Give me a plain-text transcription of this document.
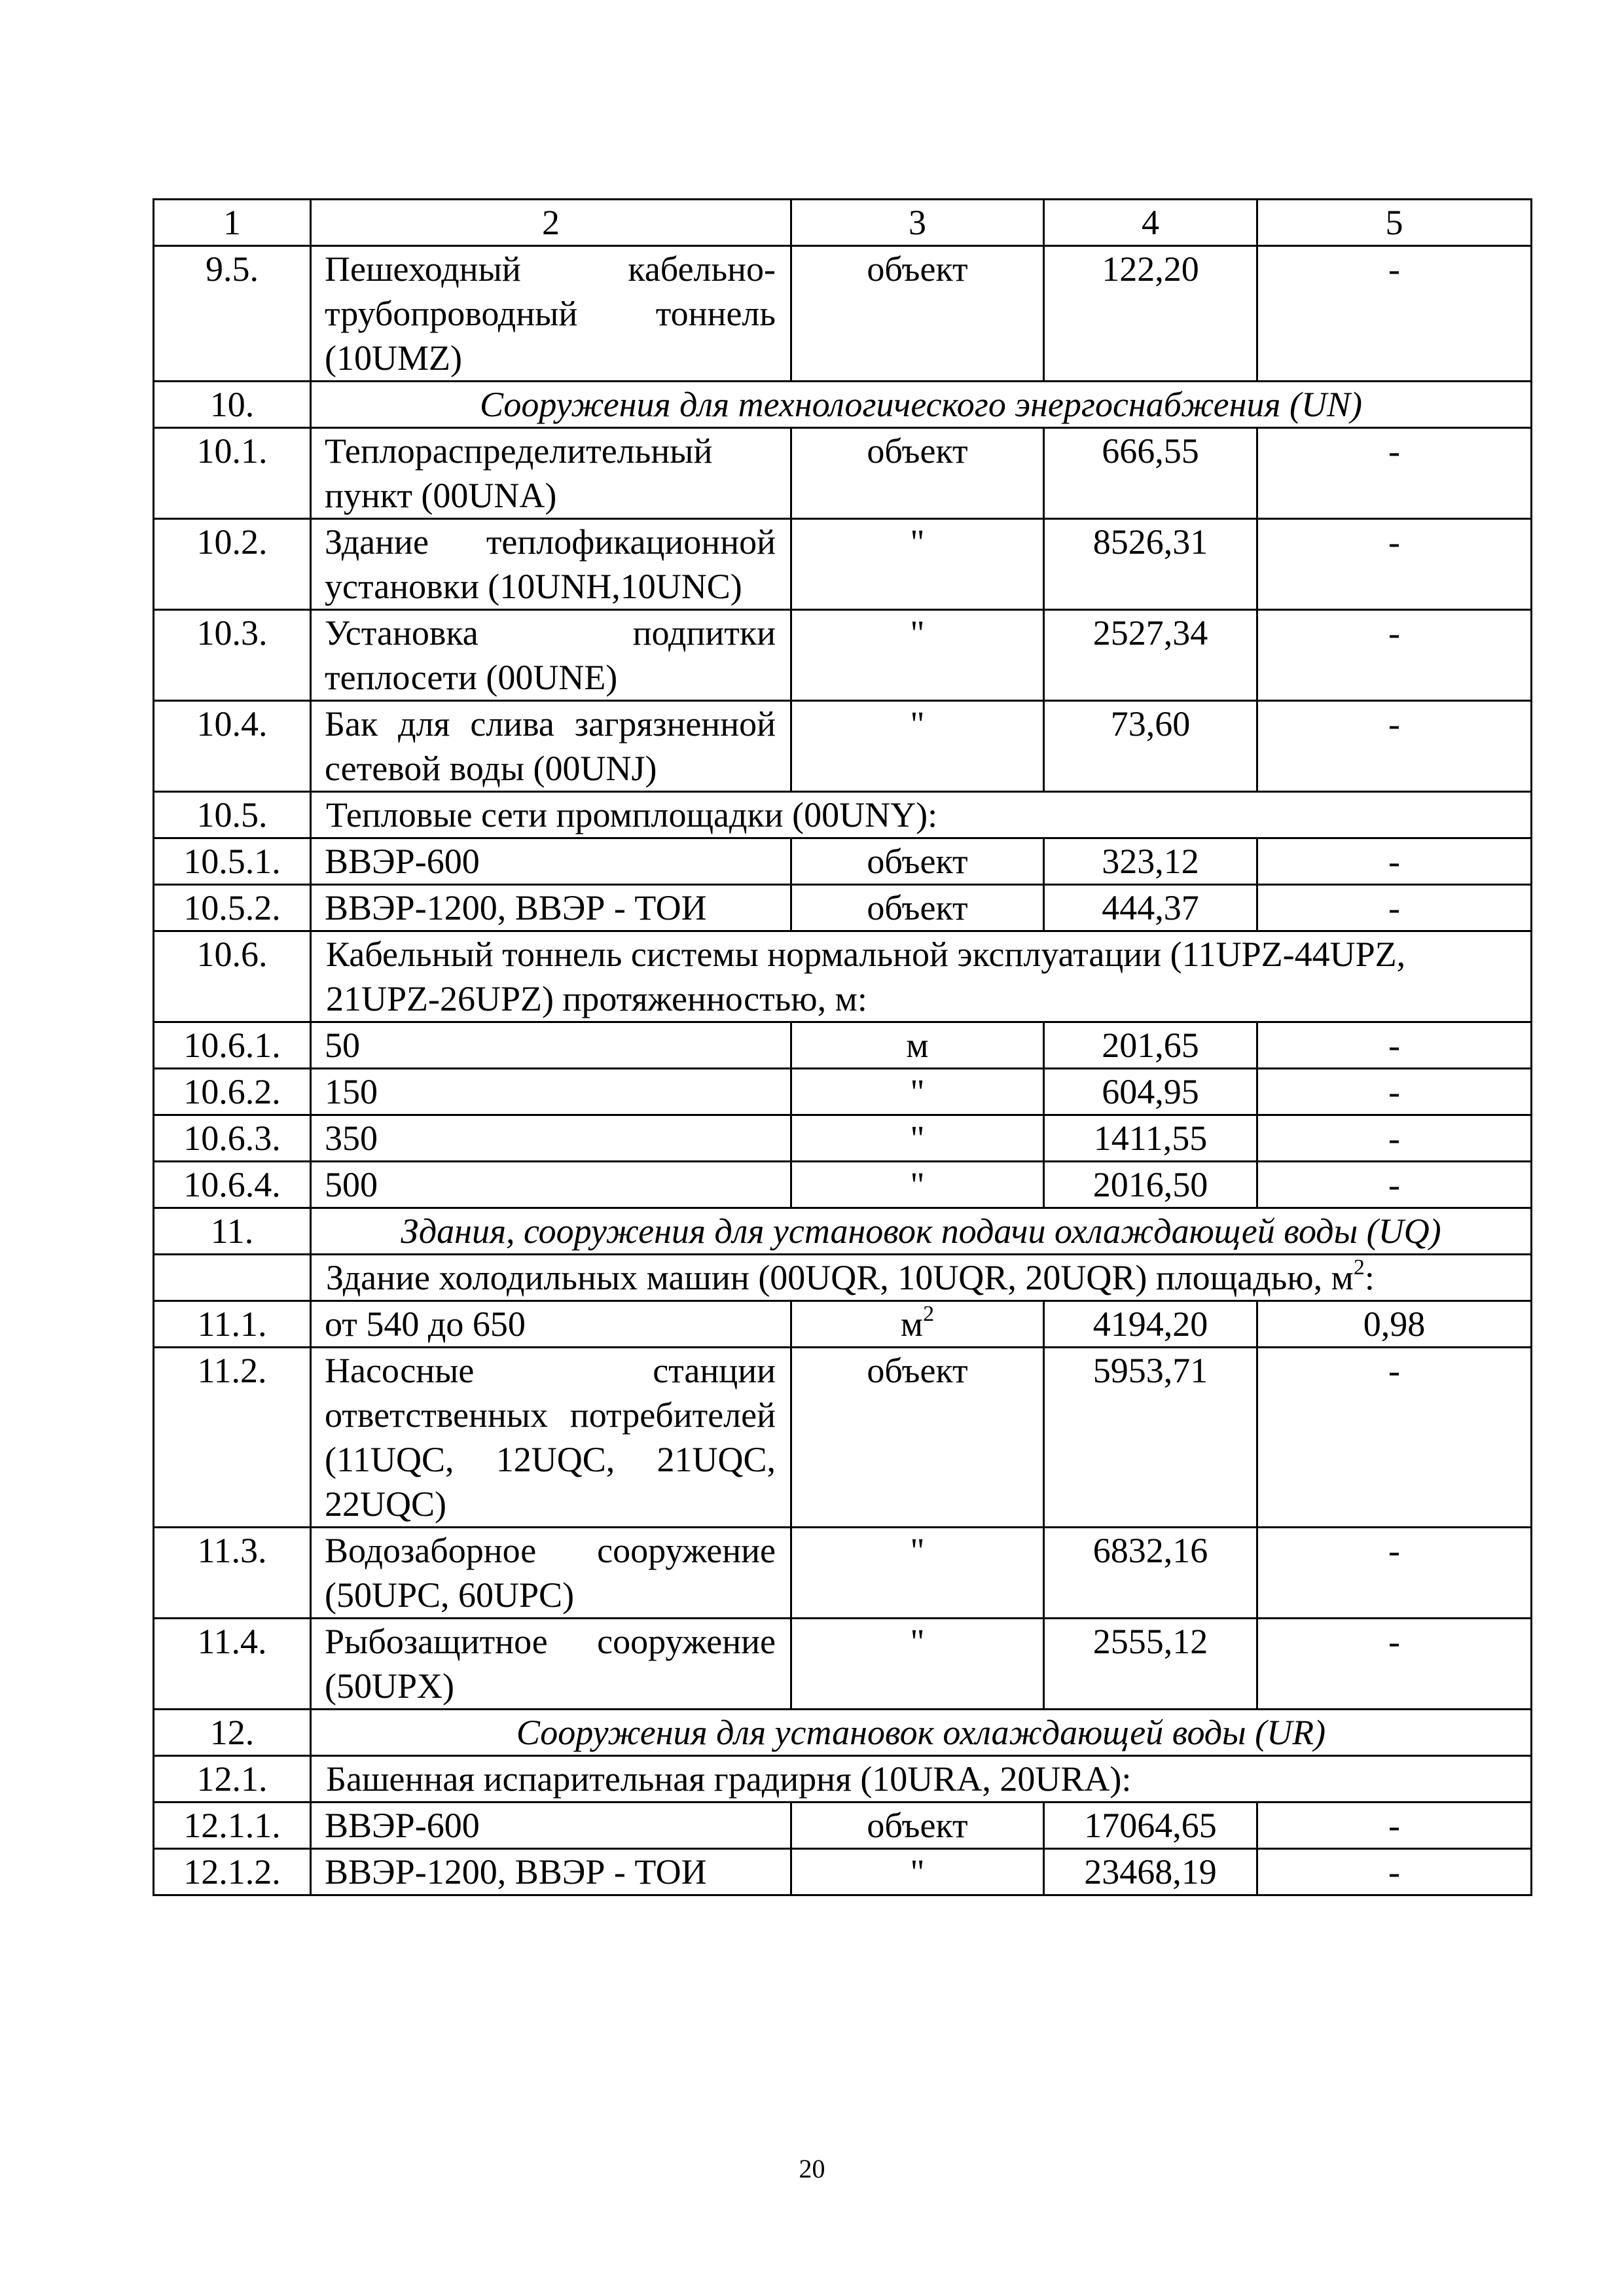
1	2	3	4	5
9.5.	Пешеходный кабельно-трубопроводный тоннель (10UMZ)	объект	122,20	-
10.	Сооружения для технологического энергоснабжения (UN)			
10.1.	Теплораспределительный пункт (00UNA)	объект	666,55	-
10.2.	Здание теплофикационной установки (10UNH,10UNC)	"	8526,31	-
10.3.	Установка подпитки теплосети (00UNE)	"	2527,34	-
10.4.	Бак для слива загрязненной сетевой воды (00UNJ)	"	73,60	-
10.5.	Тепловые сети промплощадки (00UNY):			
10.5.1.	ВВЭР-600	объект	323,12	-
10.5.2.	ВВЭР-1200, ВВЭР - ТОИ	объект	444,37	-
10.6.	Кабельный тоннель системы нормальной эксплуатации (11UPZ-44UPZ, 21UPZ-26UPZ) протяженностью, м:			
10.6.1.	50	м	201,65	-
10.6.2.	150	"	604,95	-
10.6.3.	350	"	1411,55	-
10.6.4.	500	"	2016,50	-
11.	Здания, сооружения для установок подачи охлаждающей воды (UQ)			
	Здание холодильных машин (00UQR, 10UQR, 20UQR) площадью, $м^2$:			
11.1.	от 540 до 650	$м^2$	4194,20	0,98
11.2.	Насосные станции ответственных потребителей (11UQC, 12UQC, 21UQC, 22UQC)	объект	5953,71	-
11.3.	Водозаборное сооружение (50UPC, 60UPC)	"	6832,16	-
11.4.	Рыбозащитное сооружение (50UPX)	"	2555,12	-
12.	Сооружения для установок охлаждающей воды (UR)			
12.1.	Башенная испарительная градирня (10URA, 20URA):			
12.1.1.	ВВЭР-600	объект	17064,65	-
12.1.2.	ВВЭР-1200, ВВЭР - ТОИ	"	23468,19	-
20
